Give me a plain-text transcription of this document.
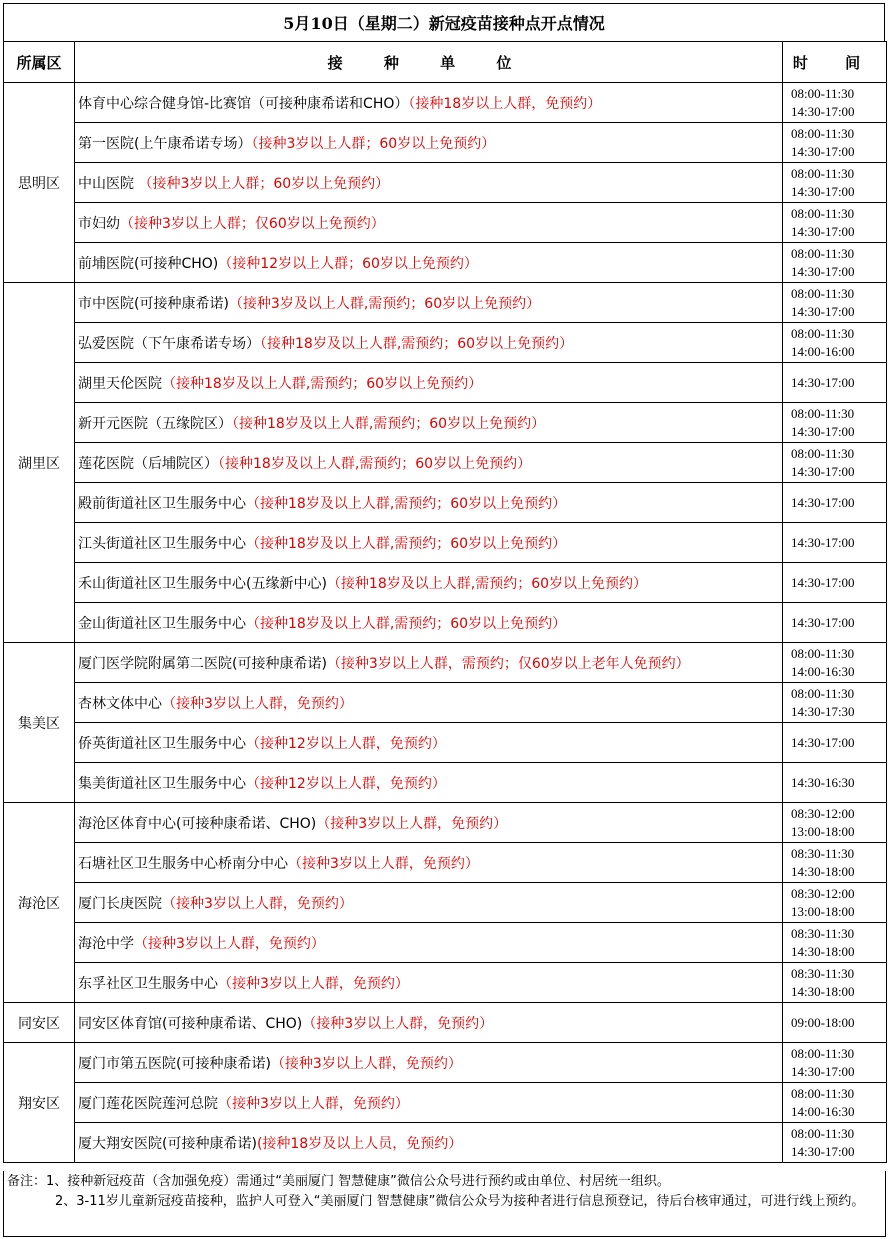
5月10日（星期二）新冠疫苗接种点开点情况
所属区	接 种 单 位	时 间
思明区	体育中心综合健身馆-比赛馆（可接种康希诺和CHO）（接种18岁以上人群，免预约）	08:00-11:30
14:30-17:00

	第一医院(上午康希诺专场）（接种3岁以上人群；60岁以上免预约）	08:00-11:30
14:30-17:00

	中山医院 （接种3岁以上人群；60岁以上免预约）	08:00-11:30
14:30-17:00

	市妇幼（接种3岁以上人群；仅60岁以上免预约）	08:00-11:30
14:30-17:00

	前埔医院(可接种CHO)（接种12岁以上人群；60岁以上免预约）	08:00-11:30
14:30-17:00

湖里区	市中医院(可接种康希诺)（接种3岁及以上人群,需预约；60岁以上免预约）	08:00-11:30
14:30-17:00

	弘爱医院（下午康希诺专场）（接种18岁及以上人群,需预约；60岁以上免预约）	08:00-11:30
14:00-16:00

	湖里天伦医院（接种18岁及以上人群,需预约；60岁以上免预约）	14:30-17:00

	新开元医院（五缘院区）（接种18岁及以上人群,需预约；60岁以上免预约）	08:00-11:30
14:30-17:00

	莲花医院（后埔院区）（接种18岁及以上人群,需预约；60岁以上免预约）	08:00-11:30
14:30-17:00

	殿前街道社区卫生服务中心（接种18岁及以上人群,需预约；60岁以上免预约）	14:30-17:00

	江头街道社区卫生服务中心（接种18岁及以上人群,需预约；60岁以上免预约）	14:30-17:00

	禾山街道社区卫生服务中心(五缘新中心)（接种18岁及以上人群,需预约；60岁以上免预约）	14:30-17:00

	金山街道社区卫生服务中心（接种18岁及以上人群,需预约；60岁以上免预约）	14:30-17:00

集美区	厦门医学院附属第二医院(可接种康希诺)（接种3岁以上人群，需预约；仅60岁以上老年人免预约）	08:00-11:30
14:00-16:30

	杏林文体中心（接种3岁以上人群，免预约）	08:00-11:30
14:30-17:30

	侨英街道社区卫生服务中心（接种12岁以上人群，免预约）	14:30-17:00

	集美街道社区卫生服务中心（接种12岁以上人群，免预约）	14:30-16:30

海沧区	海沧区体育中心(可接种康希诺、CHO)（接种3岁以上人群，免预约）	08:30-12:00
13:00-18:00

	石塘社区卫生服务中心桥南分中心（接种3岁以上人群，免预约）	08:30-11:30
14:30-18:00

	厦门长庚医院（接种3岁以上人群，免预约）	08:30-12:00
13:00-18:00

	海沧中学（接种3岁以上人群，免预约）	08:30-11:30
14:30-18:00

	东孚社区卫生服务中心（接种3岁以上人群，免预约）	08:30-11:30
14:30-18:00

同安区	同安区体育馆(可接种康希诺、CHO)（接种3岁以上人群，免预约）	09:00-18:00

翔安区	厦门市第五医院(可接种康希诺)（接种3岁以上人群，免预约）	08:00-11:30
14:30-17:00

	厦门莲花医院莲河总院（接种3岁以上人群，免预约）	08:00-11:30
14:00-16:30

	厦大翔安医院(可接种康希诺)(接种18岁及以上人员，免预约）	08:00-11:30
14:30-17:00

备注：1、接种新冠疫苗（含加强免疫）需通过“美丽厦门 智慧健康”微信公众号进行预约或由单位、村居统一组织。

2、3-11岁儿童新冠疫苗接种，监护人可登入“美丽厦门 智慧健康”微信公众号为接种者进行信息预登记，待后台核审通过，可进行线上预约。
